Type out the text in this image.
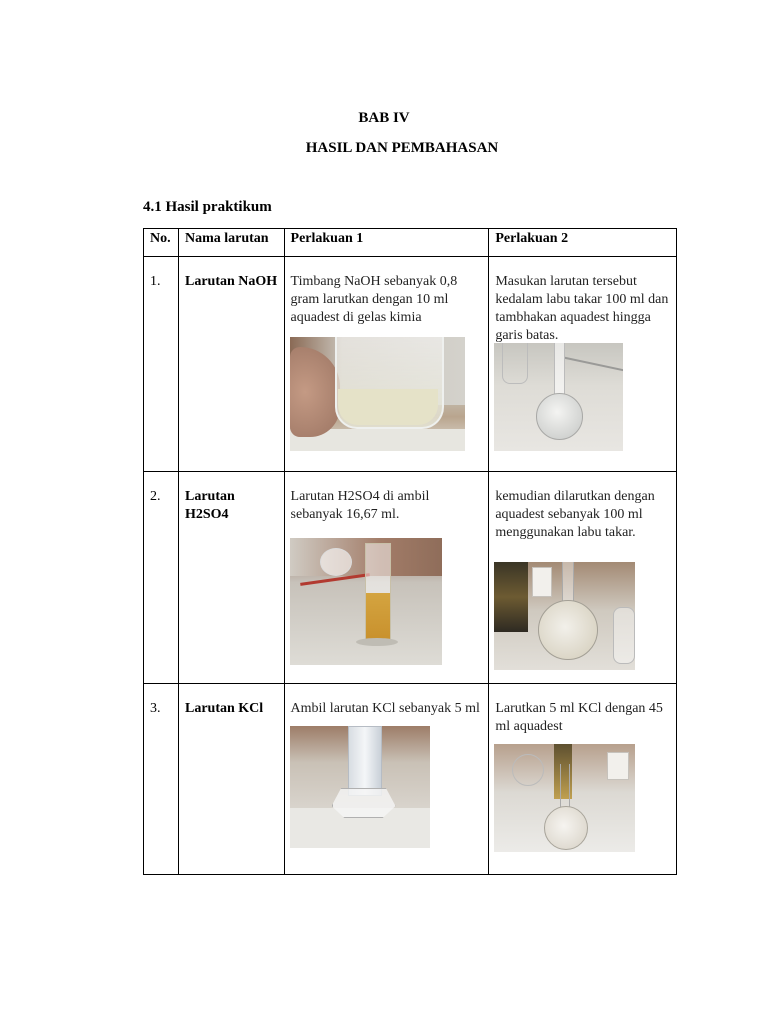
BAB IV
HASIL DAN PEMBAHASAN
4.1 Hasil praktikum
No.	Nama larutan	Perlakuan 1	Perlakuan 2
1.	Larutan NaOH	Timbang NaOH sebanyak 0,8 gram larutkan dengan 10 ml aquadest di gelas kimia	Masukan larutan tersebut kedalam labu takar 100 ml dan tambhakan aquadest hingga garis batas.

2.	Larutan H2SO4	Larutan H2SO4 di ambil sebanyak 16,67 ml.	kemudian dilarutkan dengan aquadest sebanyak 100 ml menggunakan labu takar.

3.	Larutan KCl	Ambil larutan KCl sebanyak 5 ml	Larutkan 5 ml KCl dengan 45 ml aquadest
